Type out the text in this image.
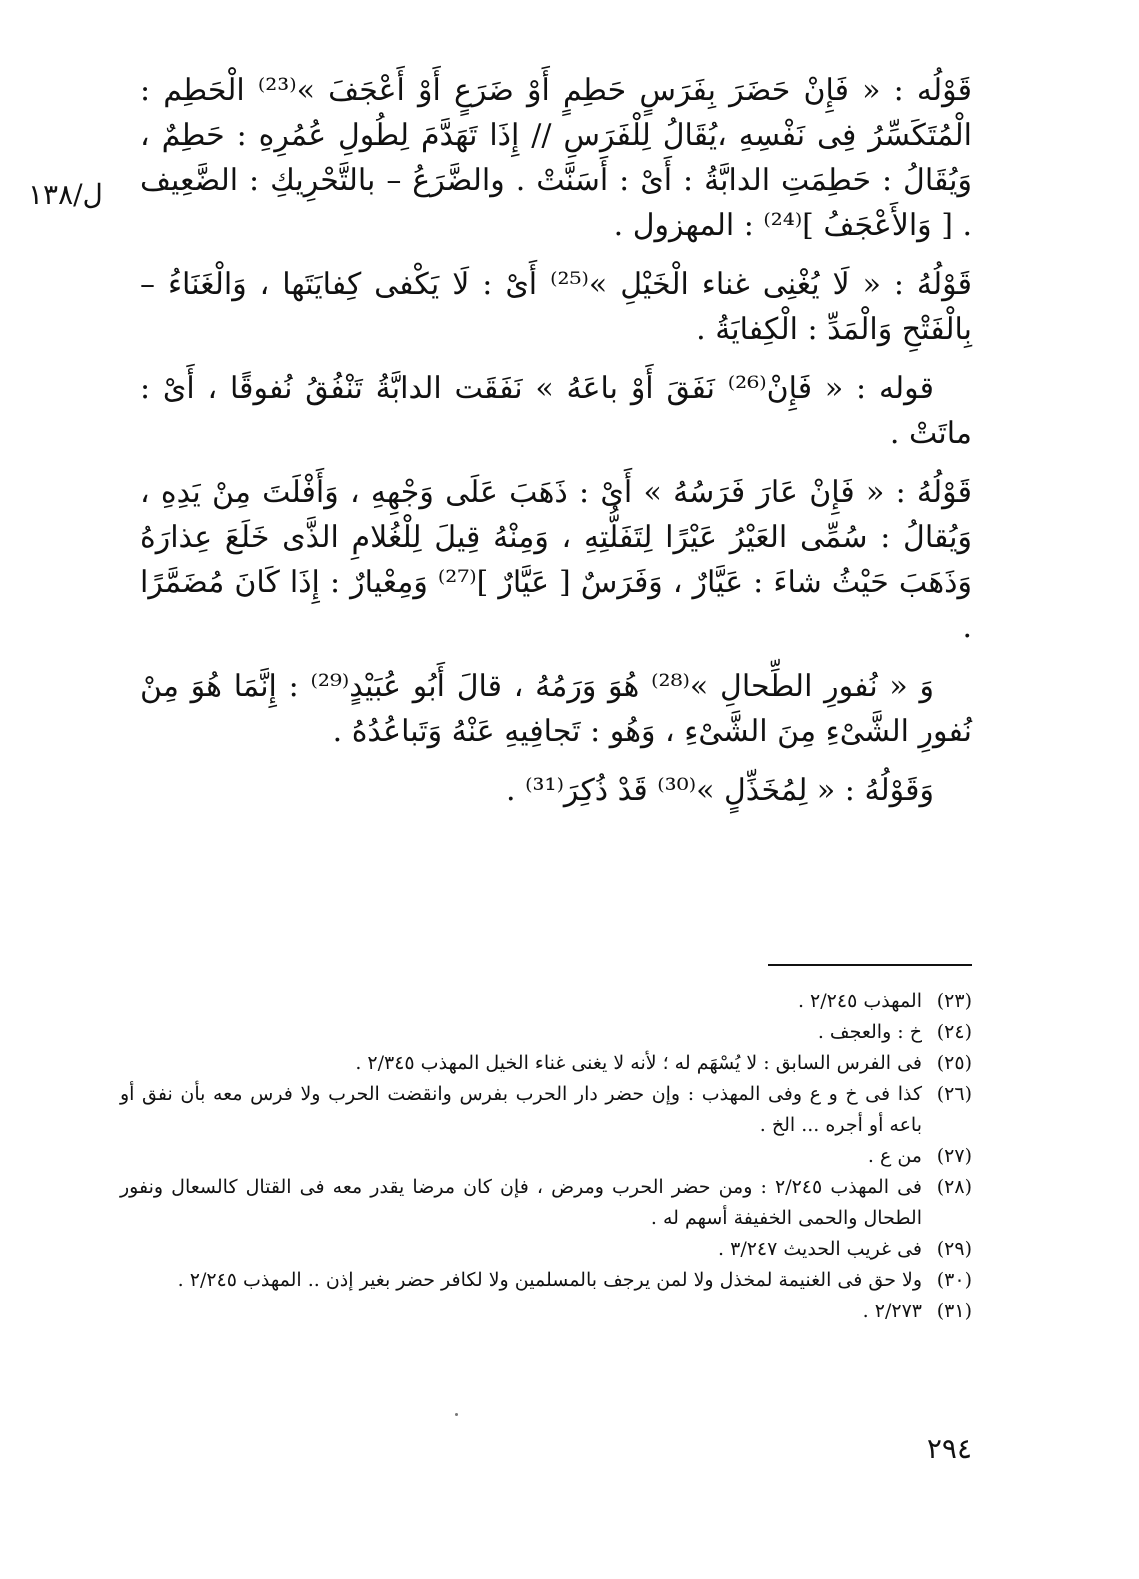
ل/١٣٨

قَوْلُه : « فَإِنْ حَضَرَ بِفَرَسٍ حَطِمٍ أَوْ ضَرَعٍ أَوْ أَعْجَفَ »⁽²³⁾ الْحَطِم : الْمُتَكَسِّرُ فِى نَفْسِهِ ،يُقَالُ لِلْفَرَسِ // إِذَا تَهَدَّمَ لِطُولِ عُمُرِهِ : حَطِمٌ ، وَيُقَالُ : حَطِمَتِ الدابَّةُ : أَىْ : أَسَنَّتْ . والضَّرَعُ – بالتَّحْرِيكِ : الضَّعِيف . [ وَالأَعْجَفُ ]⁽²⁴⁾ : المهزول .

قَوْلُهُ : « لَا يُغْنِى غناء الْخَيْلِ »⁽²⁵⁾ أَىْ : لَا يَكْفى كِفايَتَها ، وَالْغَنَاءُ – بِالْفَتْحِ وَالْمَدِّ : الْكِفايَةُ .

قوله : « فَإِنْ⁽²⁶⁾ نَفَقَ أَوْ باعَهُ » نَفَقَت الدابَّةُ تَنْفُقُ نُفوقًا ، أَىْ : ماتَتْ .

قَوْلُهُ : « فَإِنْ عَارَ فَرَسُهُ » أَىْ : ذَهَبَ عَلَى وَجْهِهِ ، وَأَفْلَتَ مِنْ يَدِهِ ، وَيُقالُ : سُمِّى العَيْرُ عَيْرًا لِتَفَلُّتِهِ ، وَمِنْهُ قِيلَ لِلْغُلامِ الذَّى خَلَعَ عِذارَهُ وَذَهَبَ حَيْثُ شاءَ : عَيَّارٌ ، وَفَرَسٌ [ عَيَّارٌ ]⁽²⁷⁾ وَمِعْيارٌ : إِذَا كَانَ مُضَمَّرًا .

وَ « نُفورِ الطِّحالِ »⁽²⁸⁾ هُوَ وَرَمُهُ ، قالَ أَبُو عُبَيْدٍ⁽²⁹⁾ : إِنَّمَا هُوَ مِنْ نُفورِ الشَّىْءِ مِنَ الشَّىْءِ ، وَهُو : تَجافِيهِ عَنْهُ وَتَباعُدُهُ .

وَقَوْلُهُ : « لِمُخَذِّلٍ »⁽³⁰⁾ قَدْ ذُكِرَ⁽³¹⁾ .

(٢٣)
المهذب ٢/٢٤٥ .

(٢٤)
خ : والعجف .

(٢٥)
فى الفرس السابق : لا يُسْهَم له ؛ لأنه لا يغنى غناء الخيل المهذب ٢/٣٤٥ .

(٢٦)
كذا فى خ و ع وفى المهذب : وإن حضر دار الحرب بفرس وانقضت الحرب ولا فرس معه بأن نفق أو باعه أو أجره ... الخ .

(٢٧)
من ع .

(٢٨)
فى المهذب ٢/٢٤٥ : ومن حضر الحرب ومرض ، فإن كان مرضا يقدر معه فى القتال كالسعال ونفور الطحال والحمى الخفيفة أسهم له .

(٢٩)
فى غريب الحديث ٣/٢٤٧ .

(٣٠)
ولا حق فى الغنيمة لمخذل ولا لمن يرجف بالمسلمين ولا لكافر حضر بغير إذن .. المهذب ٢/٢٤٥ .

(٣١)
٢/٢٧٣ .

٢٩٤
